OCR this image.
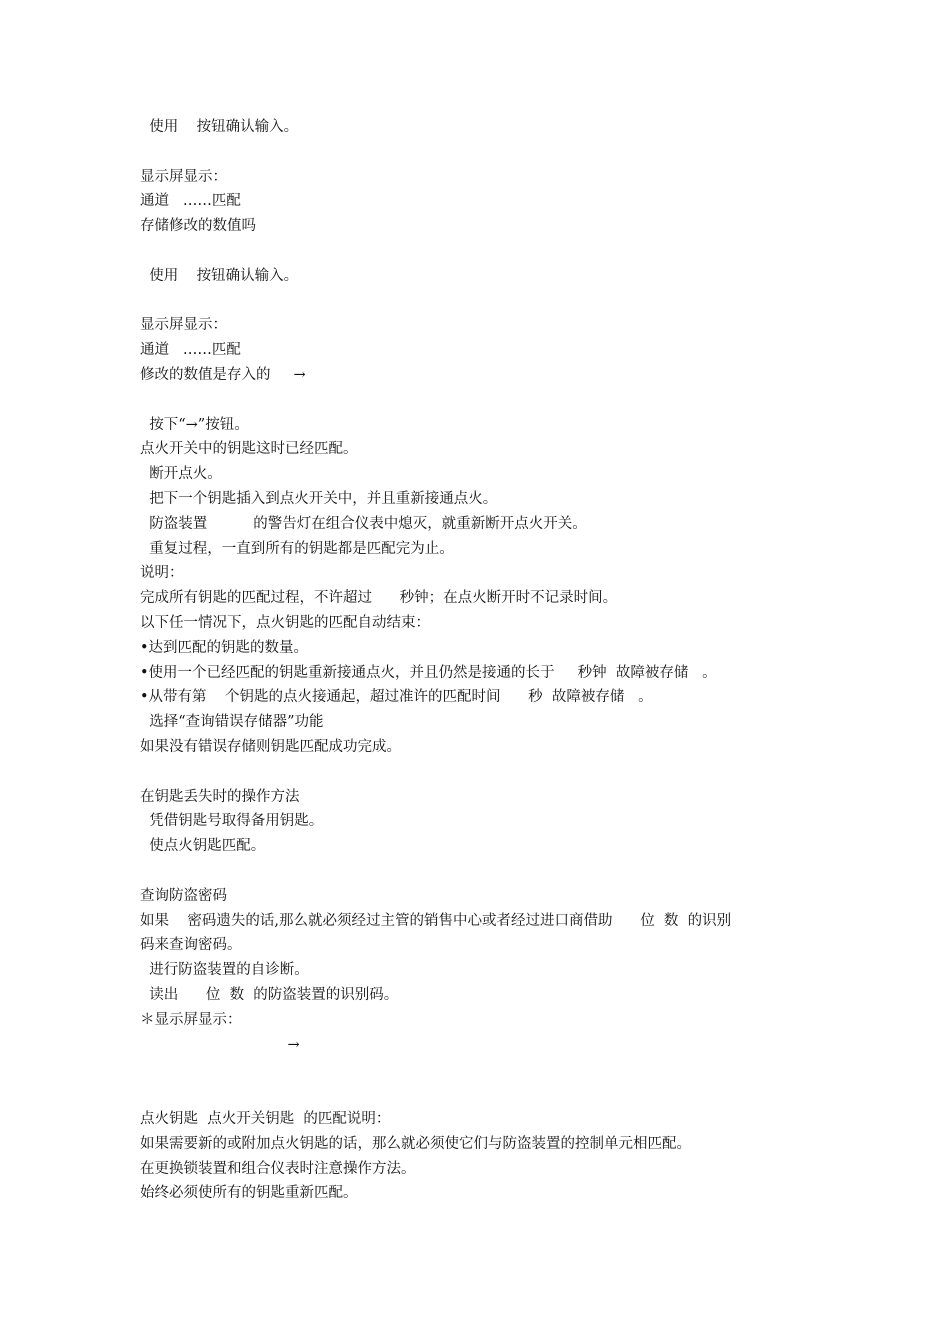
使用    按钮确认输入。
显示屏显示：
通道   ……匹配
存储修改的数值吗
使用    按钮确认输入。
显示屏显示：
通道   ……匹配
修改的数值是存入的     →
按下“→”按钮。
点火开关中的钥匙这时已经匹配。
断开点火。
把下一个钥匙插入到点火开关中，并且重新接通点火。
防盗装置          的警告灯在组合仪表中熄灭，就重新断开点火开关。
重复过程，一直到所有的钥匙都是匹配完为止。
说明：
完成所有钥匙的匹配过程，不许超过      秒钟；在点火断开时不记录时间。
以下任一情况下，点火钥匙的匹配自动结束：
•达到匹配的钥匙的数量。
•使用一个已经匹配的钥匙重新接通点火，并且仍然是接通的长于     秒钟  故障被存储   。
•从带有第    个钥匙的点火接通起，超过准许的匹配时间      秒  故障被存储   。
选择“查询错误存储器”功能
如果没有错误存储则钥匙匹配成功完成。
在钥匙丢失时的操作方法
凭借钥匙号取得备用钥匙。
使点火钥匙匹配。
查询防盗密码
如果    密码遗失的话,那么就必须经过主管的销售中心或者经过进口商借助      位  数  的识别
码来查询密码。
进行防盗装置的自诊断。
读出      位  数  的防盗装置的识别码。
＊显示屏显示：
→
点火钥匙  点火开关钥匙  的匹配说明：
如果需要新的或附加点火钥匙的话，那么就必须使它们与防盗装置的控制单元相匹配。
在更换锁装置和组合仪表时注意操作方法。
始终必须使所有的钥匙重新匹配。
